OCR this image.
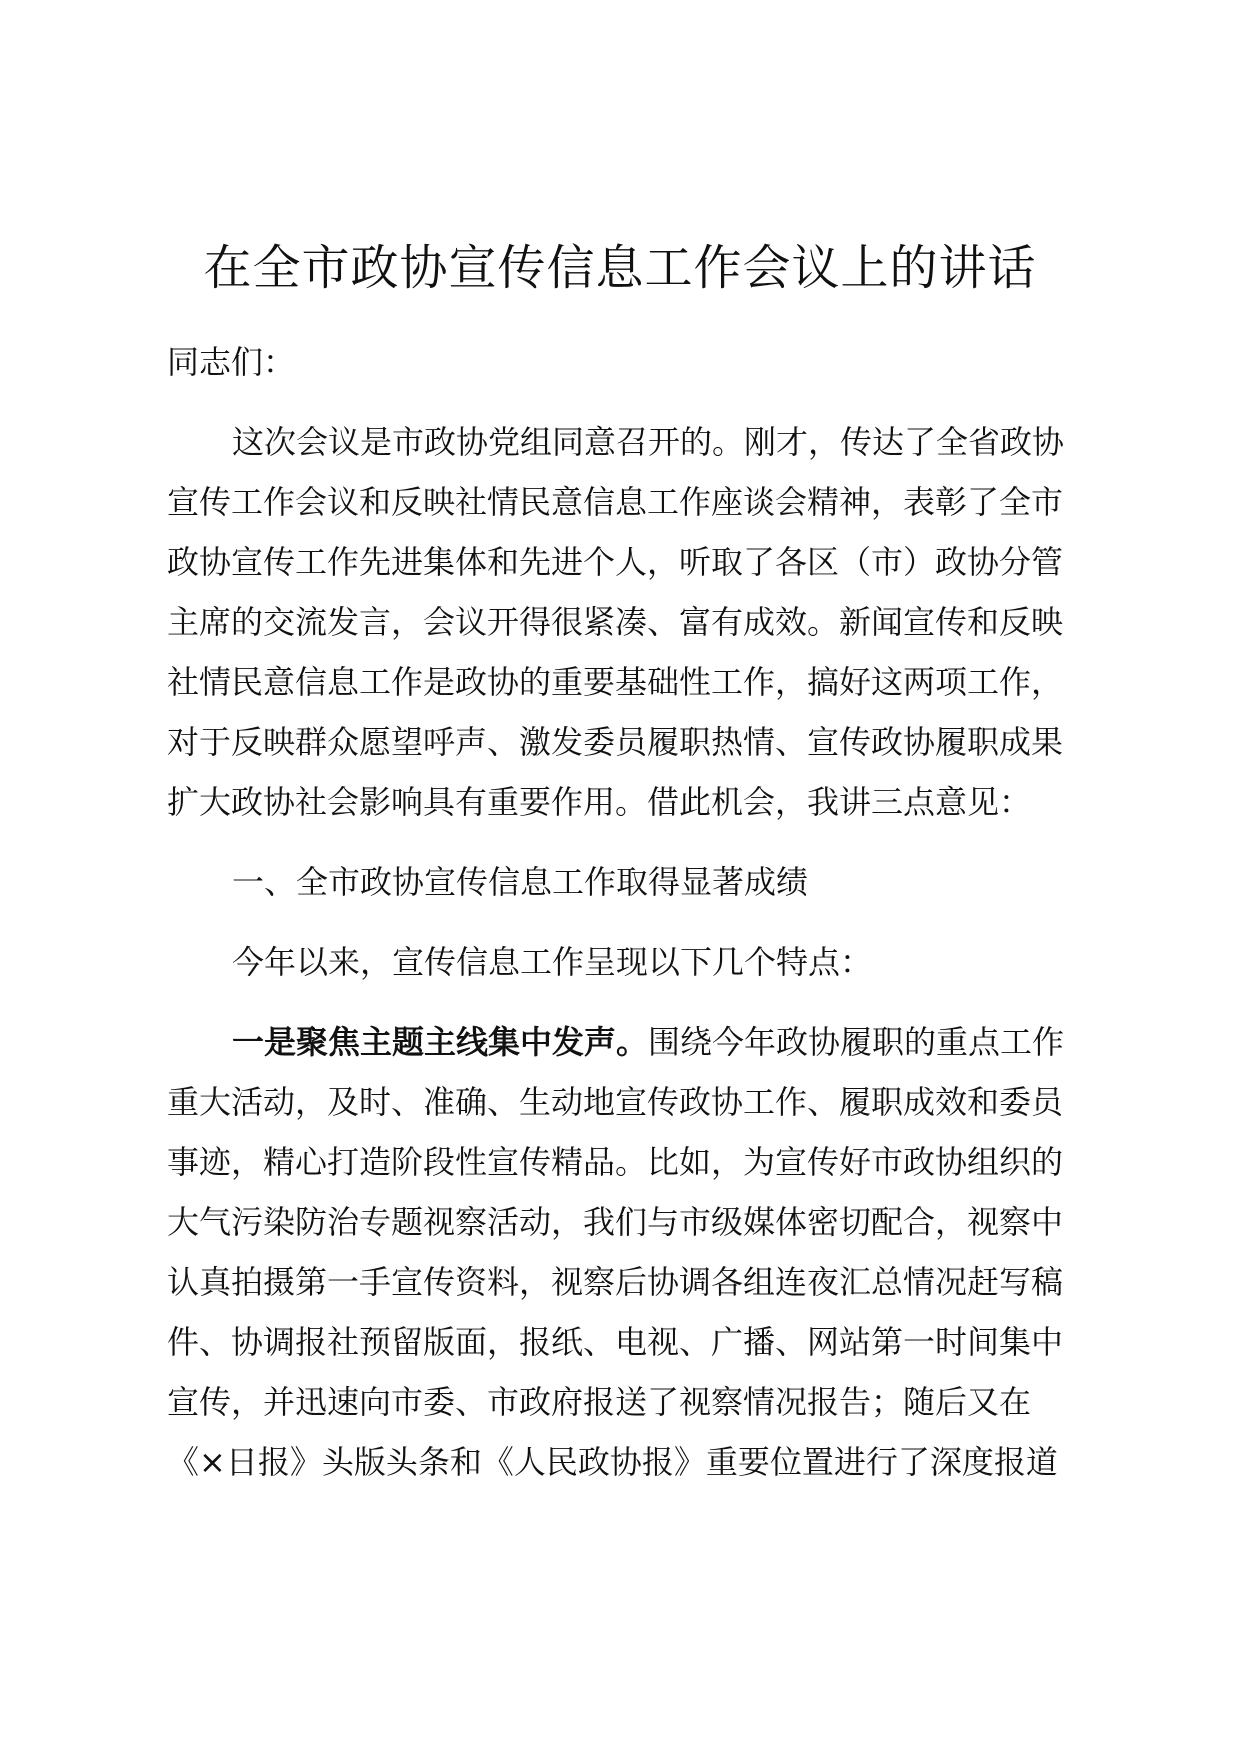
在全市政协宣传信息工作会议上的讲话
同志们：
这次会议是市政协党组同意召开的。刚才，传达了全省政协
宣传工作会议和反映社情民意信息工作座谈会精神，表彰了全市
政协宣传工作先进集体和先进个人，听取了各区（市）政协分管
主席的交流发言，会议开得很紧凑、富有成效。新闻宣传和反映
社情民意信息工作是政协的重要基础性工作，搞好这两项工作，
对于反映群众愿望呼声、激发委员履职热情、宣传政协履职成果
扩大政协社会影响具有重要作用。借此机会，我讲三点意见：
一、全市政协宣传信息工作取得显著成绩
今年以来，宣传信息工作呈现以下几个特点：
一是聚焦主题主线集中发声。围绕今年政协履职的重点工作
重大活动，及时、准确、生动地宣传政协工作、履职成效和委员
事迹，精心打造阶段性宣传精品。比如，为宣传好市政协组织的
大气污染防治专题视察活动，我们与市级媒体密切配合，视察中
认真拍摄第一手宣传资料，视察后协调各组连夜汇总情况赶写稿
件、协调报社预留版面，报纸、电视、广播、网站第一时间集中
宣传，并迅速向市委、市政府报送了视察情况报告；随后又在
《×日报》头版头条和《人民政协报》重要位置进行了深度报道
